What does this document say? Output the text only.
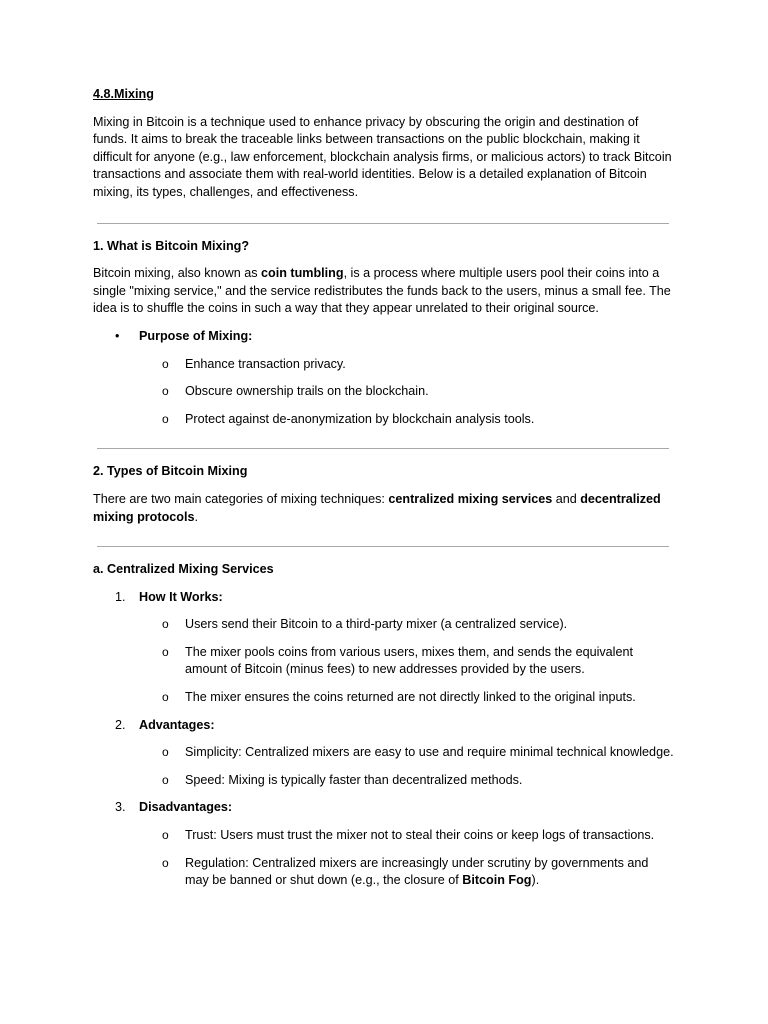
4.8.Mixing

Mixing in Bitcoin is a technique used to enhance privacy by obscuring the origin and destination of funds. It aims to break the traceable links between transactions on the public blockchain, making it difficult for anyone (e.g., law enforcement, blockchain analysis firms, or malicious actors) to track Bitcoin transactions and associate them with real-world identities. Below is a detailed explanation of Bitcoin mixing, its types, challenges, and effectiveness.

1. What is Bitcoin Mixing?

Bitcoin mixing, also known as coin tumbling, is a process where multiple users pool their coins into a single "mixing service," and the service redistributes the funds back to the users, minus a small fee. The idea is to shuffle the coins in such a way that they appear unrelated to their original source.

• Purpose of Mixing:
o Enhance transaction privacy.
o Obscure ownership trails on the blockchain.
o Protect against de-anonymization by blockchain analysis tools.

2. Types of Bitcoin Mixing

There are two main categories of mixing techniques: centralized mixing services and decentralized mixing protocols.

a. Centralized Mixing Services

1. How It Works:
o Users send their Bitcoin to a third-party mixer (a centralized service).
o The mixer pools coins from various users, mixes them, and sends the equivalent amount of Bitcoin (minus fees) to new addresses provided by the users.
o The mixer ensures the coins returned are not directly linked to the original inputs.
2. Advantages:
o Simplicity: Centralized mixers are easy to use and require minimal technical knowledge.
o Speed: Mixing is typically faster than decentralized methods.
3. Disadvantages:
o Trust: Users must trust the mixer not to steal their coins or keep logs of transactions.
o Regulation: Centralized mixers are increasingly under scrutiny by governments and may be banned or shut down (e.g., the closure of Bitcoin Fog).
